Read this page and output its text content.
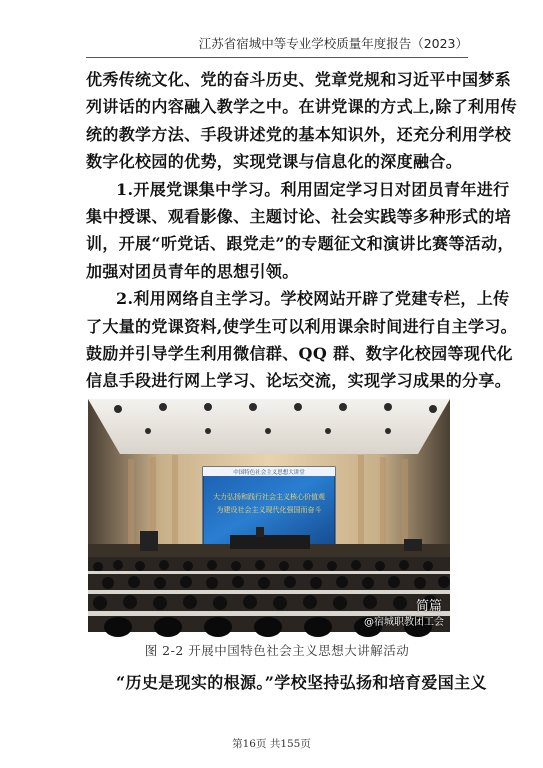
江苏省宿城中等专业学校质量年度报告（2023）
优秀传统文化、党的奋斗历史、党章党规和习近平中国梦系
列讲话的内容融入教学之中。在讲党课的方式上,除了利用传
统的教学方法、手段讲述党的基本知识外，还充分利用学校
数字化校园的优势，实现党课与信息化的深度融合。
1.开展党课集中学习。利用固定学习日对团员青年进行
集中授课、观看影像、主题讨论、社会实践等多种形式的培
训，开展“听党话、跟党走”的专题征文和演讲比赛等活动，
加强对团员青年的思想引领。
2.利用网络自主学习。学校网站开辟了党建专栏，上传
了大量的党课资料,使学生可以利用课余时间进行自主学习。
鼓励并引导学生利用微信群、QQ 群、数字化校园等现代化
信息手段进行网上学习、论坛交流，实现学习成果的分享。
中国特色社会主义思想大讲堂
大力弘扬和践行社会主义核心价值观
为建设社会主义现代化强国而奋斗
简篇
@宿城职教团工会
图 2-2 开展中国特色社会主义思想大讲解活动
“历史是现实的根源。”学校坚持弘扬和培育爱国主义
第16页 共155页
